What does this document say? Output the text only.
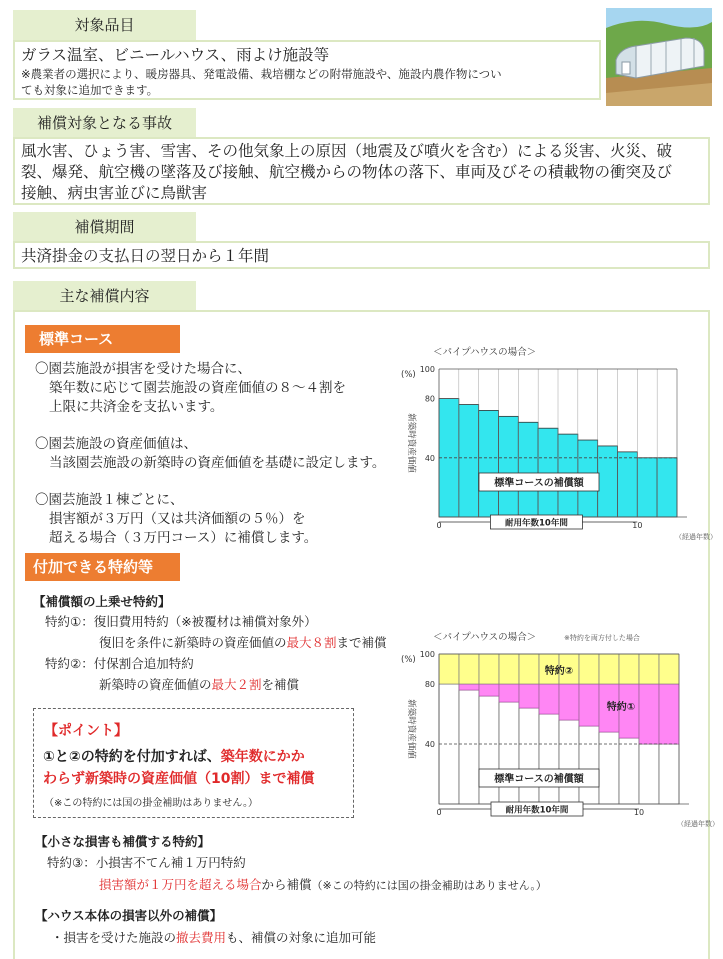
対象品目
ガラス温室、ビニールハウス、雨よけ施設等
※農業者の選択により、暖房器具、発電設備、栽培棚などの附帯施設や、施設内農作物につい
ても対象に追加できます。
補償対象となる事故
風水害、ひょう害、雪害、その他気象上の原因（地震及び噴火を含む）による災害、火災、破
裂、爆発、航空機の墜落及び接触、航空機からの物体の落下、車両及びその積載物の衝突及び
接触、病虫害並びに鳥獣害
補償期間
共済掛金の支払日の翌日から１年間
主な補償内容
標準コース
〇園芸施設が損害を受けた場合に、
築年数に応じて園芸施設の資産価値の８～４割を
上限に共済金を支払います。
〇園芸施設の資産価値は、
当該園芸施設の新築時の資産価値を基礎に設定します。
〇園芸施設１棟ごとに、
損害額が３万円（又は共済価額の５％）を
超える場合（３万円コース）に補償します。
＜パイプハウスの場合＞
(%)
100
80
40
0	10
（経過年数）
新築時資産価値
耐用年数10年間
標準コースの補償額
付加できる特約等
【補償額の上乗せ特約】
特約①：復旧費用特約（※被覆材は補償対象外）
復旧を条件に新築時の資産価値の最大８割まで補償
特約②：付保割合追加特約
新築時の資産価値の最大２割を補償
【ポイント】
①と②の特約を付加すれば、築年数にかか
わらず新築時の資産価値（10割）まで補償
（※この特約には国の掛金補助はありません。）
＜パイプハウスの場合＞	※特約を両方付した場合
(%)
100
80
40
0	10
（経過年数）
新築時資産価値
耐用年数10年間
標準コースの補償額
特約②
特約①
【小さな損害も補償する特約】
特約③：小損害不てん補１万円特約
損害額が１万円を超える場合から補償（※この特約には国の掛金補助はありません。）
【ハウス本体の損害以外の補償】
・損害を受けた施設の撤去費用も、補償の対象に追加可能
